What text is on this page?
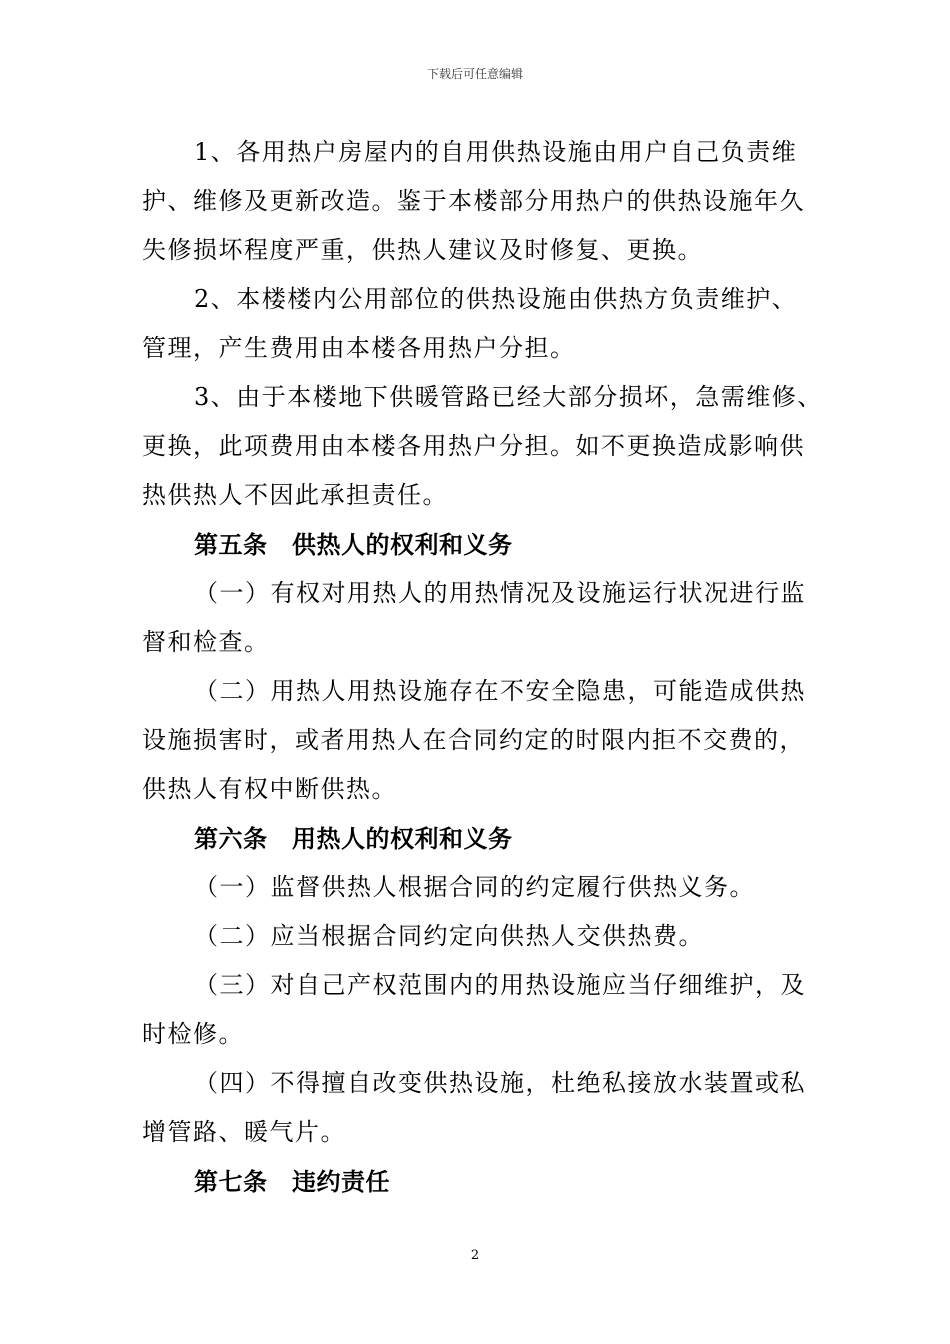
下载后可任意编辑
1、各用热户房屋内的自用供热设施由用户自己负责维
护、维修及更新改造。鉴于本楼部分用热户的供热设施年久
失修损坏程度严重，供热人建议及时修复、更换。
2、本楼楼内公用部位的供热设施由供热方负责维护、
管理，产生费用由本楼各用热户分担。
3、由于本楼地下供暖管路已经大部分损坏，急需维修、
更换，此项费用由本楼各用热户分担。如不更换造成影响供
热供热人不因此承担责任。
第五条　供热人的权利和义务
（一）有权对用热人的用热情况及设施运行状况进行监
督和检查。
（二）用热人用热设施存在不安全隐患，可能造成供热
设施损害时，或者用热人在合同约定的时限内拒不交费的，
供热人有权中断供热。
第六条　用热人的权利和义务
（一）监督供热人根据合同的约定履行供热义务。
（二）应当根据合同约定向供热人交供热费。
（三）对自己产权范围内的用热设施应当仔细维护，及
时检修。
（四）不得擅自改变供热设施，杜绝私接放水装置或私
增管路、暖气片。
第七条　违约责任
2
